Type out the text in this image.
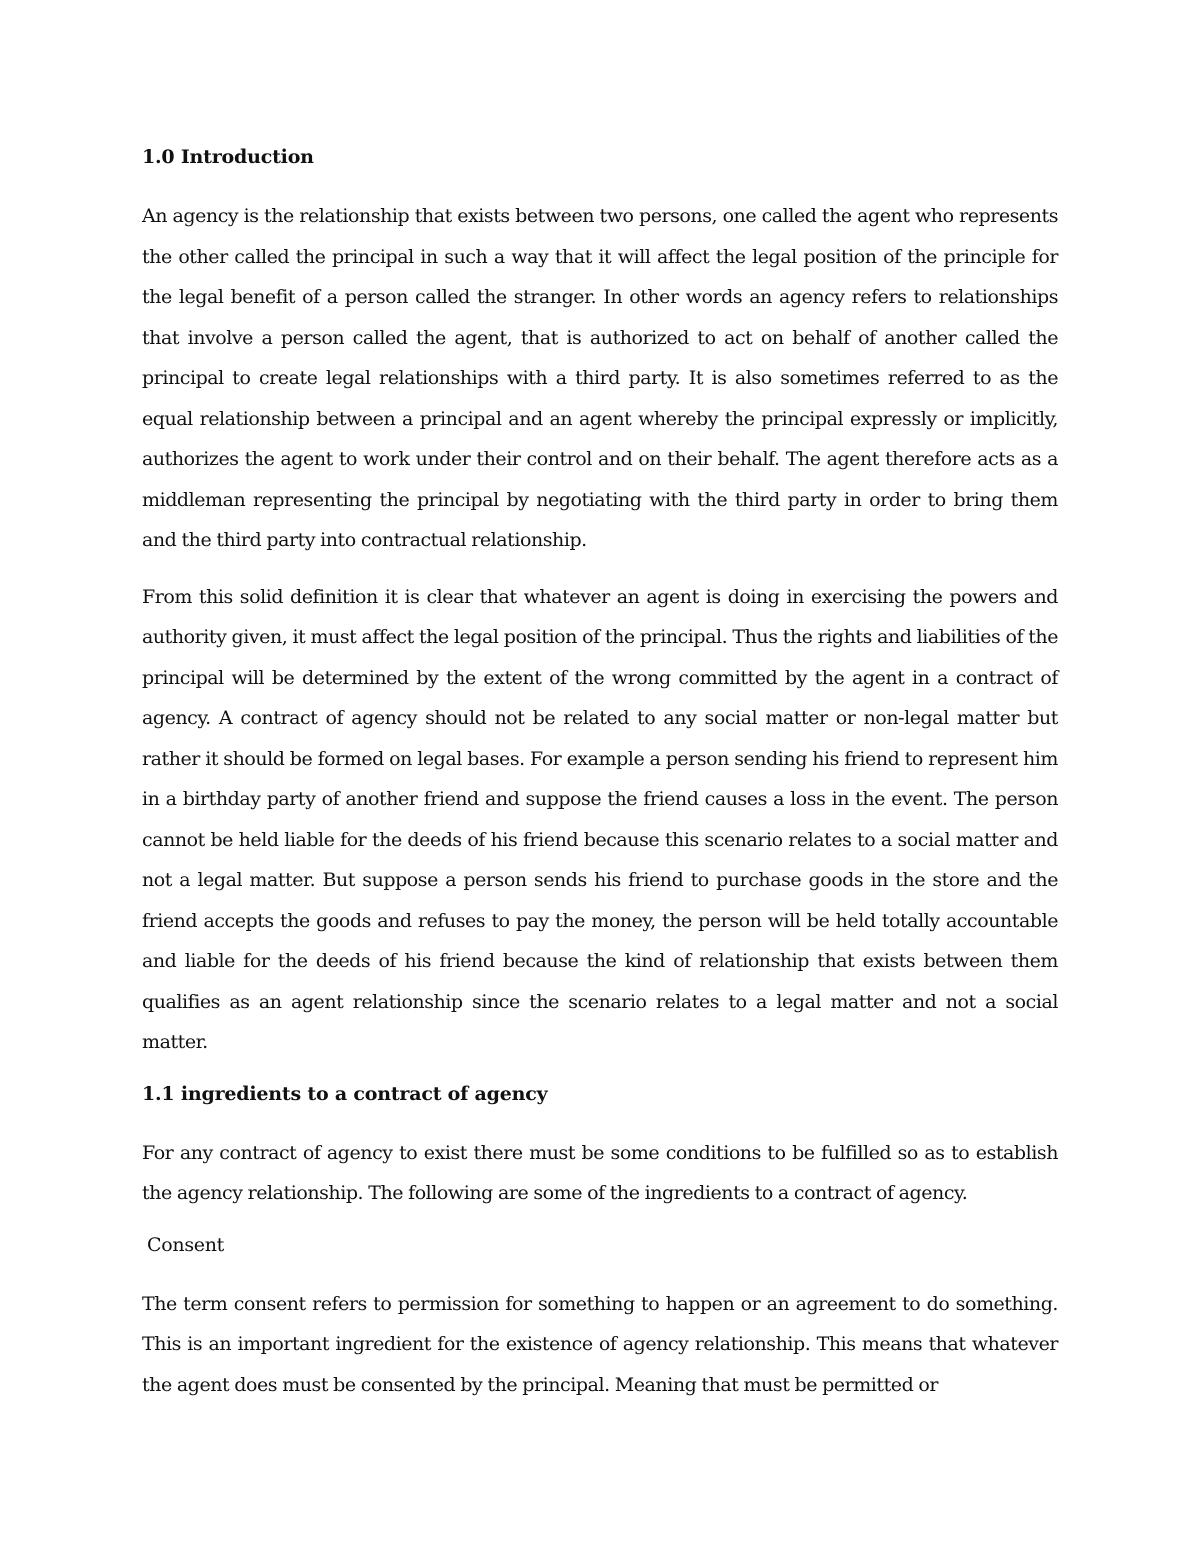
1.0 Introduction

An agency is the relationship that exists between two persons, one called the agent who represents the other called the principal in such a way that it will affect the legal position of the principle for the legal benefit of a person called the stranger. In other words an agency refers to relationships that involve a person called the agent, that is authorized to act on behalf of another called the principal to create legal relationships with a third party. It is also sometimes referred to as the equal relationship between a principal and an agent whereby the principal expressly or implicitly, authorizes the agent to work under their control and on their behalf. The agent therefore acts as a middleman representing the principal by negotiating with the third party in order to bring them and the third party into contractual relationship.

From this solid definition it is clear that whatever an agent is doing in exercising the powers and authority given, it must affect the legal position of the principal. Thus the rights and liabilities of the principal will be determined by the extent of the wrong committed by the agent in a contract of agency. A contract of agency should not be related to any social matter or non-legal matter but rather it should be formed on legal bases. For example a person sending his friend to represent him in a birthday party of another friend and suppose the friend causes a loss in the event. The person cannot be held liable for the deeds of his friend because this scenario relates to a social matter and not a legal matter. But suppose a person sends his friend to purchase goods in the store and the friend accepts the goods and refuses to pay the money, the person will be held totally accountable and liable for the deeds of his friend because the kind of relationship that exists between them qualifies as an agent relationship since the scenario relates to a legal matter and not a social matter.

1.1 ingredients to a contract of agency

For any contract of agency to exist there must be some conditions to be fulfilled so as to establish the agency relationship. The following are some of the ingredients to a contract of agency.

Consent

The term consent refers to permission for something to happen or an agreement to do something. This is an important ingredient for the existence of agency relationship. This means that whatever the agent does must be consented by the principal. Meaning that must be permitted or
